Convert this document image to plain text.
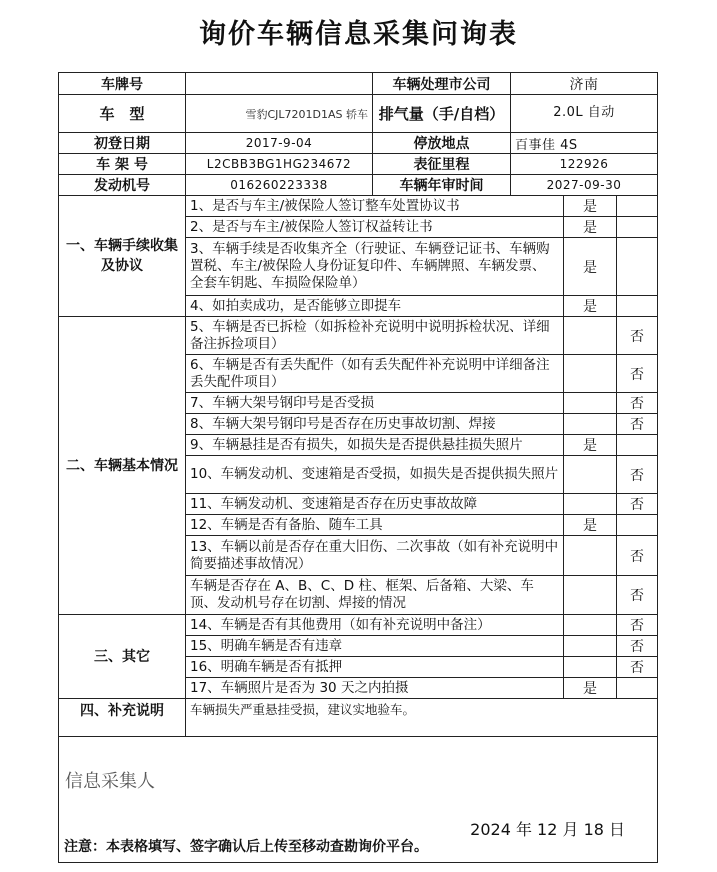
询价车辆信息采集问询表
车牌号		车辆处理市公司	济南		
车　型	雪豹CJL7201D1AS 轿车	排气量（手/自档）	2.0L 自动		
初登日期	2017-9-04	停放地点	百事佳 4S		
车 架 号	L2CBB3BG1HG234672	表征里程	122926		
发动机号	016260223338	车辆年审时间	2027-09-30		
一、车辆手续收集及协议	1、是否与车主/被保险人签订整车处置协议书			是	
	2、是否与车主/被保险人签订权益转让书			是	
	3、车辆手续是否收集齐全（行驶证、车辆登记证书、车辆购置税、车主/被保险人身份证复印件、车辆牌照、车辆发票、全套车钥匙、车损险保险单）			是	
	4、如拍卖成功，是否能够立即提车			是	
二、车辆基本情况	5、车辆是否已拆检（如拆检补充说明中说明拆检状况、详细备注拆捡项目）				否
	6、车辆是否有丢失配件（如有丢失配件补充说明中详细备注丢失配件项目）				否
	7、车辆大架号钢印号是否受损				否
	8、车辆大架号钢印号是否存在历史事故切割、焊接				否
	9、车辆悬挂是否有损失，如损失是否提供悬挂损失照片			是	
	10、车辆发动机、变速箱是否受损，如损失是否提供损失照片				否
	11、车辆发动机、变速箱是否存在历史事故故障				否
	12、车辆是否有备胎、随车工具			是	
	13、车辆以前是否存在重大旧伤、二次事故（如有补充说明中简要描述事故情况）				否
	车辆是否存在 A、B、C、D 柱、框架、后备箱、大梁、车顶、发动机号存在切割、焊接的情况				否
三、其它	14、车辆是否有其他费用（如有补充说明中备注）				否
	15、明确车辆是否有违章				否
	16、明确车辆是否有抵押				否
	17、车辆照片是否为 30 天之内拍摄			是	
四、补充说明	车辆损失严重悬挂受损，建议实地验车。				

信息采集人
2024 年 12 月 18 日					
注意：本表格填写、签字确认后上传至移动查勘询价平台。
